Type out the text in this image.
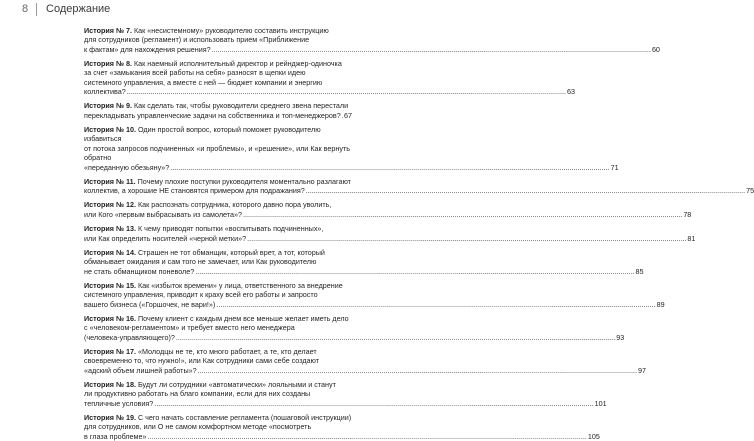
8 Содержание
История № 7. Как «несистемному» руководителю составить инструкцию
для сотрудников (регламент) и использовать прием «Приближение

к фактам» для нахождения решения? ............................................................................................................................................................................................................................ 60
История № 8. Как наемный исполнительный директор и рейнджер-одиночка
за счет «замыкания всей работы на себя» разносят в щепки идею
системного управления, а вместе с ней — бюджет компании и энергию

коллектива? ............................................................................................................................................................................................................................ 63
История № 9. Как сделать так, чтобы руководители среднего звена перестали

перекладывать управленческие задачи на собственника и топ-менеджеров? 67
История № 10. Один простой вопрос, который поможет руководителю избавиться
от потока запросов подчиненных «и проблемы», и «решение», или Как вернуть обратно

«переданную обезьяну»? ............................................................................................................................................................................................................................ 71
История № 11. Почему плохие поступки руководителя моментально разлагают

коллектив, а хорошие НЕ становятся примером для подражания? ............................................................................................................................................................................................................................ 75
История № 12. Как распознать сотрудника, которого давно пора уволить,

или Кого «первым выбрасывать из самолета»? ............................................................................................................................................................................................................................ 78
История № 13. К чему приводят попытки «воспитывать подчиненных»,

или Как определить носителей «черной метки»? ............................................................................................................................................................................................................................ 81
История № 14. Страшен не тот обманщик, который врет, а тот, который
обманывает ожидания и сам того не замечает, или Как руководителю

не стать обманщиком поневоле? ............................................................................................................................................................................................................................ 85
История № 15. Как «избыток времени» у лица, ответственного за внедрение
системного управления, приводит к краху всей его работы и запросто

вашего бизнеса («Горшочек, не вари!») ............................................................................................................................................................................................................................ 89
История № 16. Почему клиент с каждым днем все меньше желает иметь дело
с «человеком-регламентом» и требует вместо него менеджера

(человека-управляющего)? ............................................................................................................................................................................................................................ 93
История № 17. «Молодцы не те, кто много работает, а те, кто делает
своевременно то, что нужно!», или Как сотрудники сами себе создают

«адский объем лишней работы»? ............................................................................................................................................................................................................................ 97
История № 18. Будут ли сотрудники «автоматически» лояльными и станут
ли продуктивно работать на благо компании, если для них созданы

тепличные условия? ............................................................................................................................................................................................................................ 101
История № 19. С чего начать составление регламента (пошаговой инструкции)
для сотрудников, или О не самом комфортном методе «посмотреть

в глаза проблеме» ............................................................................................................................................................................................................................ 105
